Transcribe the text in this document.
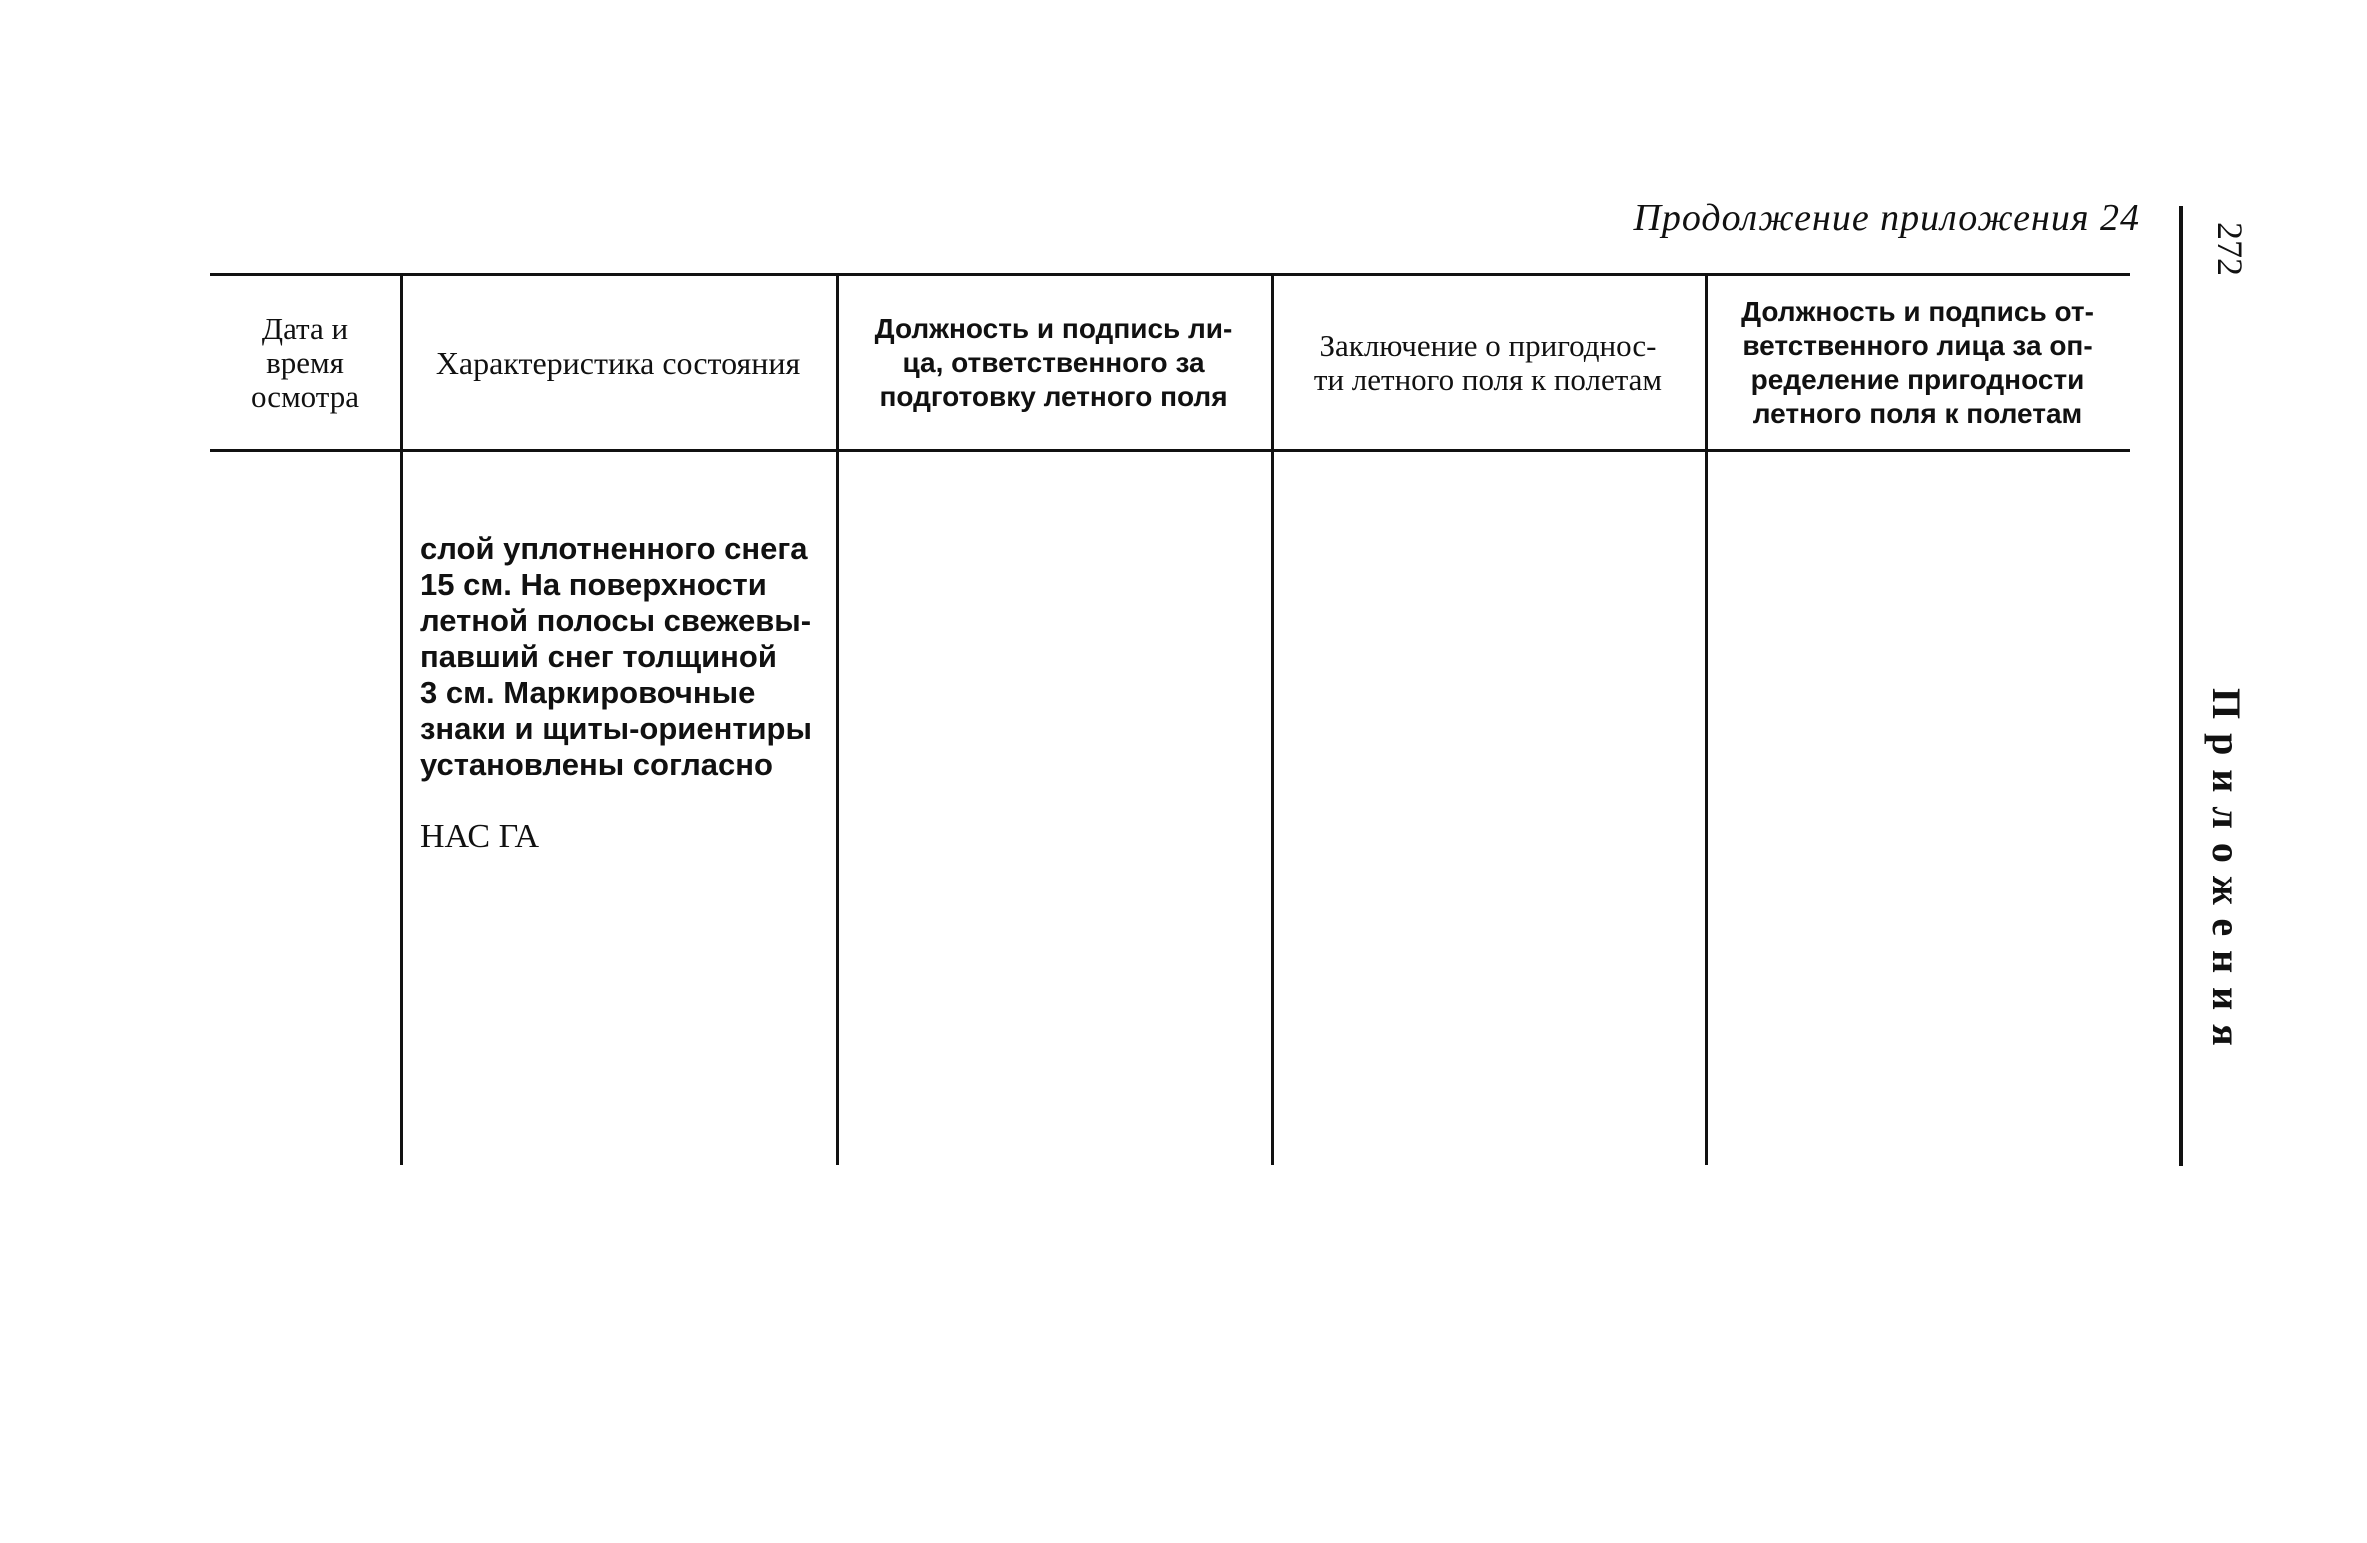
Продолжение приложения 24
272
Приложения
Дата и
время
осмотра
Характеристика состояния
Должность и подпись ли-
ца, ответственного за
подготовку летного поля
Заключение о пригоднос-
ти летного поля к полетам
Должность и подпись от-
ветственного лица за оп-
ределение пригодности
летного поля к полетам

слой уплотненного снега
15 см. На поверхности
летной полосы свежевы-
павший снег толщиной
3 см. Маркировочные
знаки и щиты-ориентиры
установлены согласно

НАС ГА
